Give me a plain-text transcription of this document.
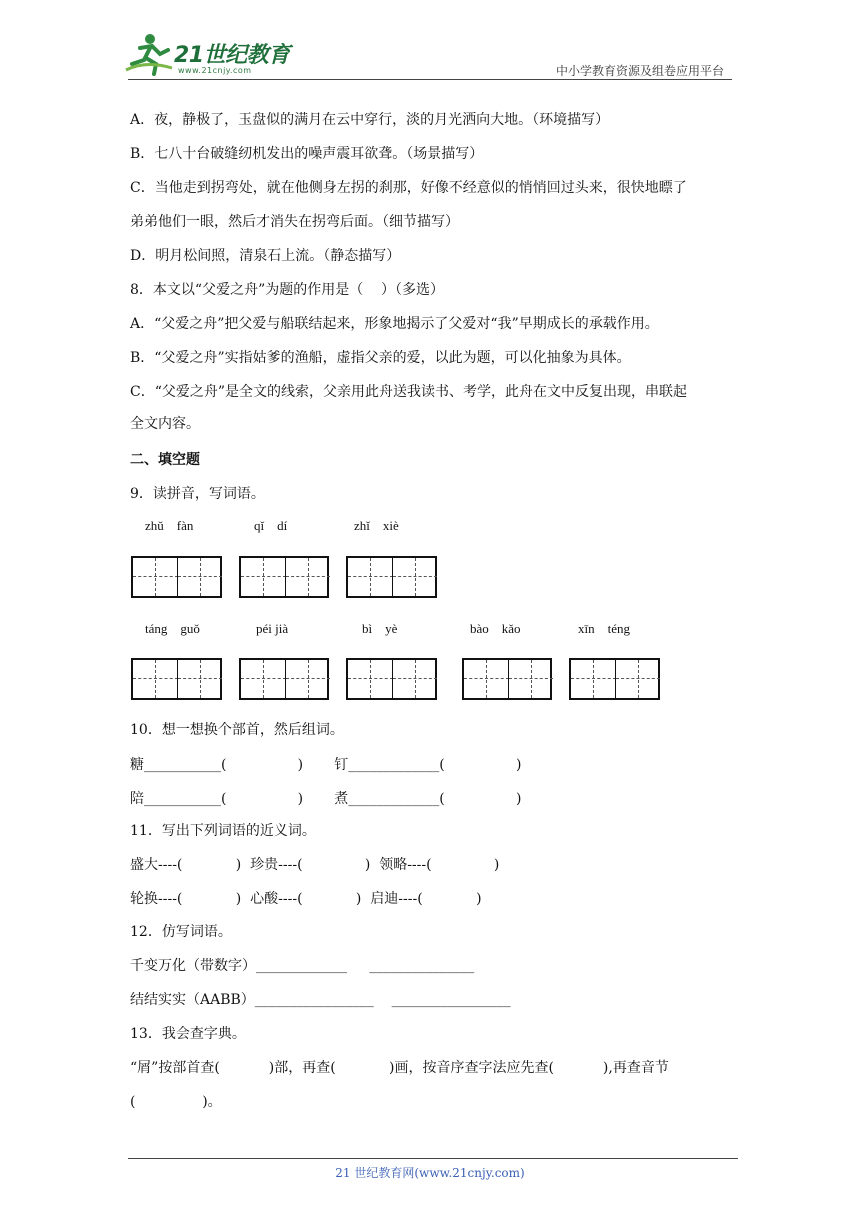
21世纪教育
www.21cnjy.com	中小学教育资源及组卷应用平台
A．夜，静极了，玉盘似的满月在云中穿行，淡的月光洒向大地。（环境描写）
B．七八十台破缝纫机发出的噪声震耳欲聋。（场景描写）
C．当他走到拐弯处，就在他侧身左拐的刹那，好像不经意似的悄悄回过头来，很快地瞟了
弟弟他们一眼，然后才消失在拐弯后面。（细节描写）
D．明月松间照，清泉石上流。（静态描写）
8．本文以“父爱之舟”为题的作用是（    ）（多选）
A．“父爱之舟”把父爱与船联结起来，形象地揭示了父爱对“我”早期成长的承载作用。
B．“父爱之舟”实指姑爹的渔船，虚指父亲的爱，以此为题，可以化抽象为具体。
C．“父爱之舟”是全文的线索，父亲用此舟送我读书、考学，此舟在文中反复出现，串联起
全文内容。
二、填空题
9．读拼音，写词语。
zhǔ    fàn	qǐ    dí	zhǐ    xiè
táng    guǒ	péi jià	bì    yè	bào    kǎo	xīn    téng
10．想一想换个部首，然后组词。
糖___________(                )       钉_____________(                )
陪___________(                )       煮_____________(                )
11．写出下列词语的近义词。
盛大----(            )  珍贵----(              )  领略----(              )
轮换----(            )  心酸----(            )  启迪----(            )
12．仿写词语。
千变万化（带数字）_____________     _______________
结结实实（AABB）_________________    _________________
13．我会查字典。
“屑”按部首查(           )部，再查(            )画，按音序查字法应先查(           ),再查音节
(               )。
21 世纪教育网(www.21cnjy.com)
